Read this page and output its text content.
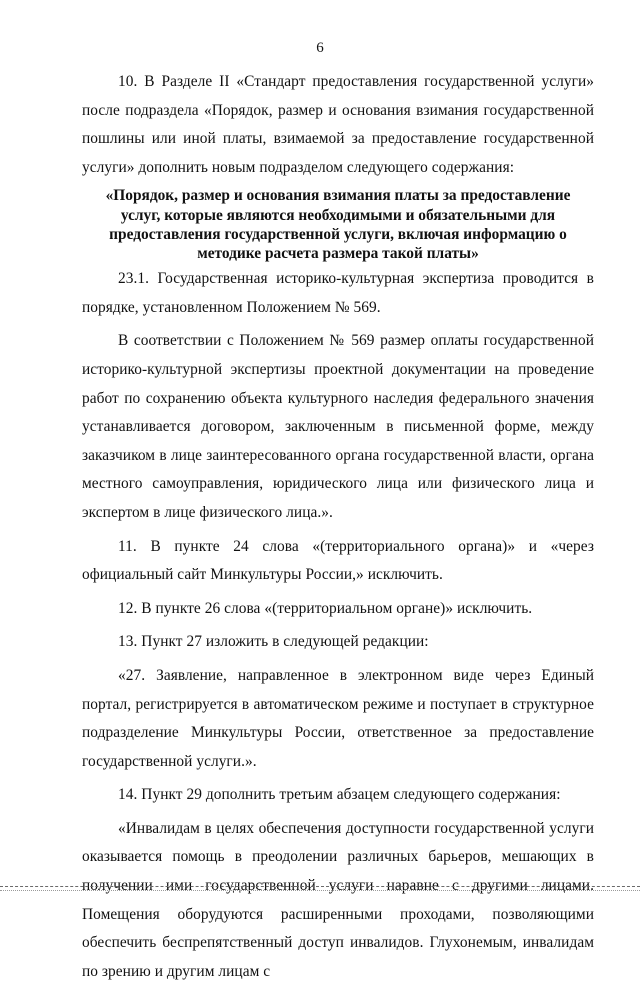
6

10. В Разделе II «Стандарт предоставления государственной услуги» после подраздела «Порядок, размер и основания взимания государственной пошлины или иной платы, взимаемой за предоставление государственной услуги» дополнить новым подразделом следующего содержания:

«Порядок, размер и основания взимания платы за предоставление услуг, которые являются необходимыми и обязательными для предоставления государственной услуги, включая информацию о методике расчета размера такой платы»

23.1. Государственная историко-культурная экспертиза проводится в порядке, установленном Положением № 569.

В соответствии с Положением № 569 размер оплаты государственной историко-культурной экспертизы проектной документации на проведение работ по сохранению объекта культурного наследия федерального значения устанавливается договором, заключенным в письменной форме, между заказчиком в лице заинтересованного органа государственной власти, органа местного самоуправления, юридического лица или физического лица и экспертом в лице физического лица.».

11. В пункте 24 слова «(территориального органа)» и «через официальный сайт Минкультуры России,» исключить.

12. В пункте 26 слова «(территориальном органе)» исключить.

13. Пункт 27 изложить в следующей редакции:

«27. Заявление, направленное в электронном виде через Единый портал, регистрируется в автоматическом режиме и поступает в структурное подразделение Минкультуры России, ответственное за предоставление государственной услуги.».

14. Пункт 29 дополнить третьим абзацем следующего содержания:

«Инвалидам в целях обеспечения доступности государственной услуги оказывается помощь в преодолении различных барьеров, мешающих в получении ими государственной услуги наравне с другими лицами. Помещения оборудуются расширенными проходами, позволяющими обеспечить беспрепятственный доступ инвалидов. Глухонемым, инвалидам по зрению и другим лицам с
